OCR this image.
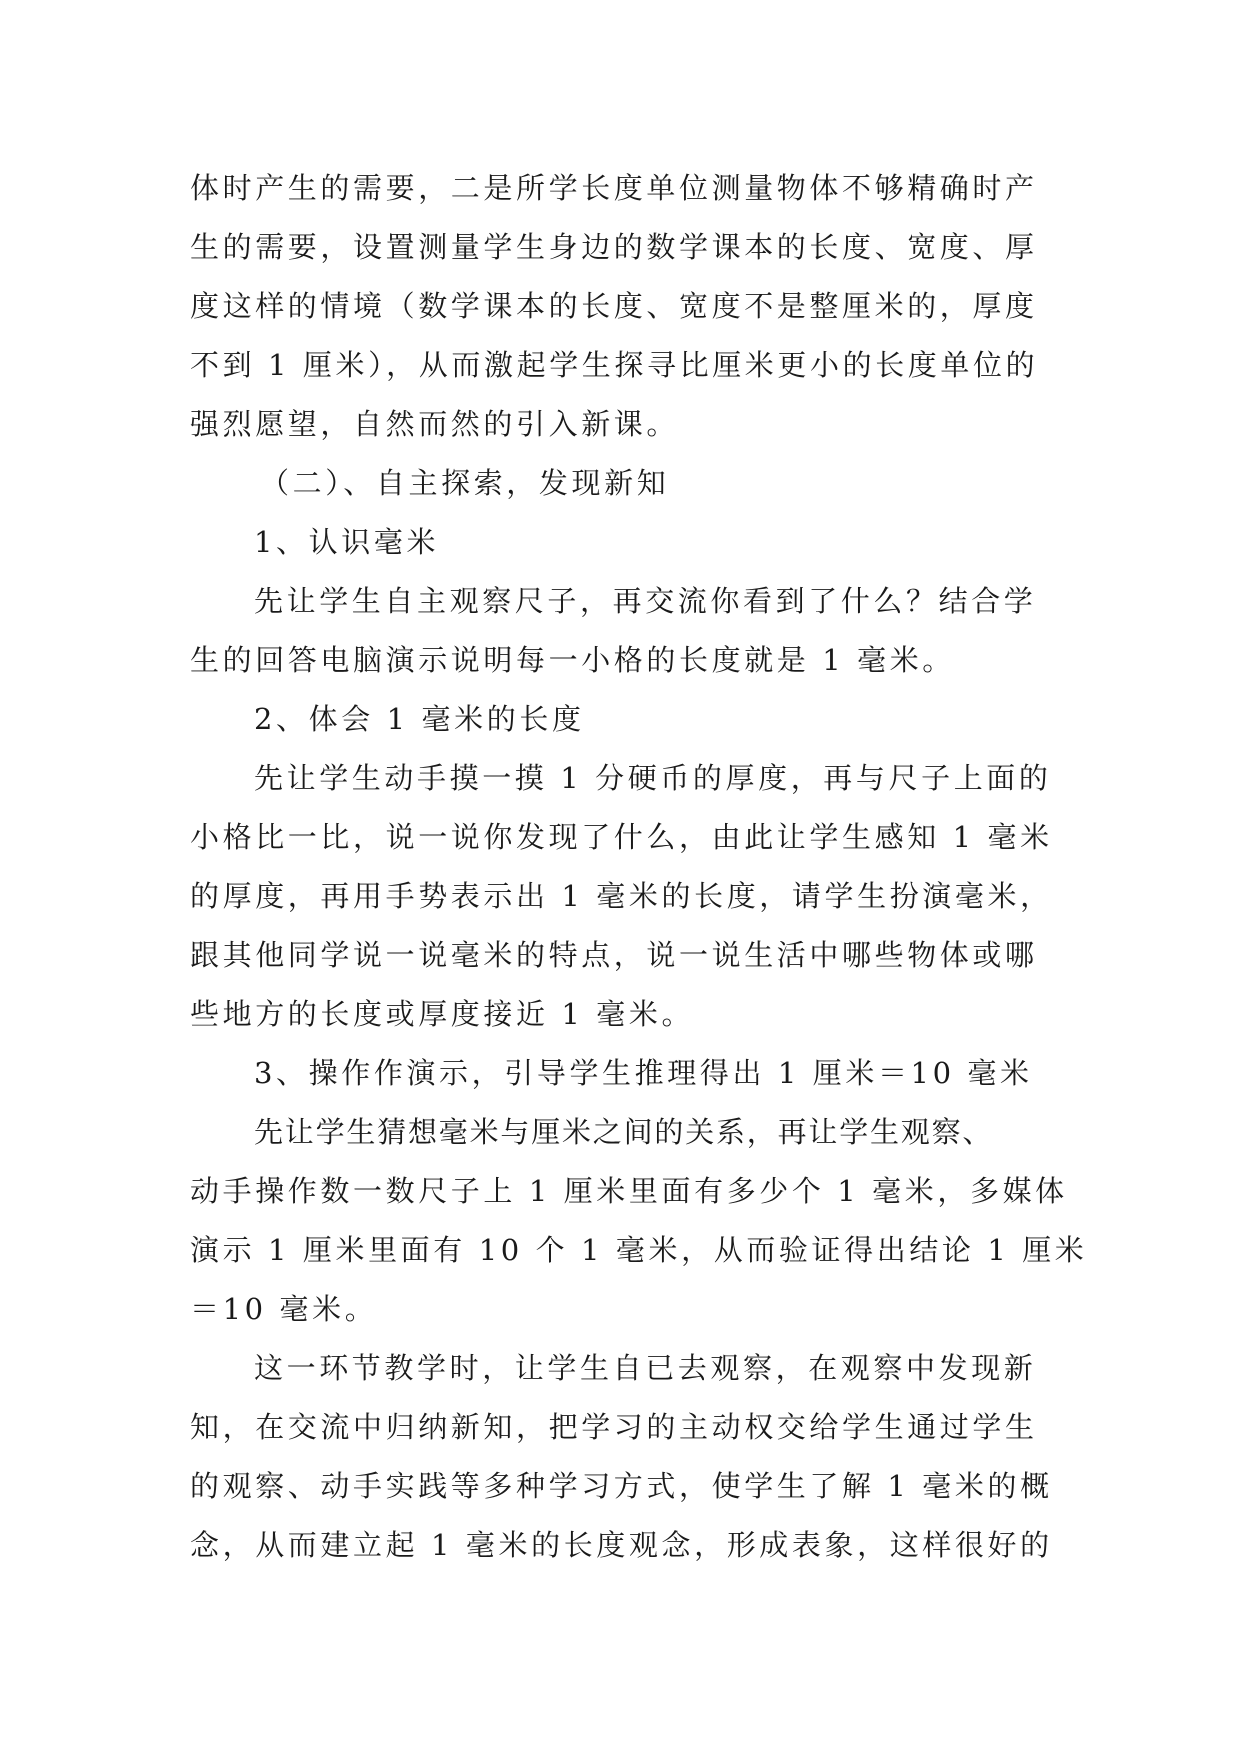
体时产生的需要，二是所学长度单位测量物体不够精确时产
生的需要，设置测量学生身边的数学课本的长度、宽度、厚
度这样的情境（数学课本的长度、宽度不是整厘米的，厚度
不到 1 厘米），从而激起学生探寻比厘米更小的长度单位的
强烈愿望，自然而然的引入新课。
（二）、自主探索，发现新知
1、认识毫米
先让学生自主观察尺子，再交流你看到了什么？结合学
生的回答电脑演示说明每一小格的长度就是 1 毫米。
2、体会 1 毫米的长度
先让学生动手摸一摸 1 分硬币的厚度，再与尺子上面的
小格比一比，说一说你发现了什么，由此让学生感知 1 毫米
的厚度，再用手势表示出 1 毫米的长度，请学生扮演毫米，
跟其他同学说一说毫米的特点，说一说生活中哪些物体或哪
些地方的长度或厚度接近 1 毫米。
3、操作作演示，引导学生推理得出 1 厘米＝10 毫米
先让学生猜想毫米与厘米之间的关系，再让学生观察、
动手操作数一数尺子上 1 厘米里面有多少个 1 毫米，多媒体
演示 1 厘米里面有 10 个 1 毫米，从而验证得出结论 1 厘米
＝10 毫米。
这一环节教学时，让学生自已去观察，在观察中发现新
知，在交流中归纳新知，把学习的主动权交给学生通过学生
的观察、动手实践等多种学习方式，使学生了解 1 毫米的概
念，从而建立起 1 毫米的长度观念，形成表象，这样很好的
